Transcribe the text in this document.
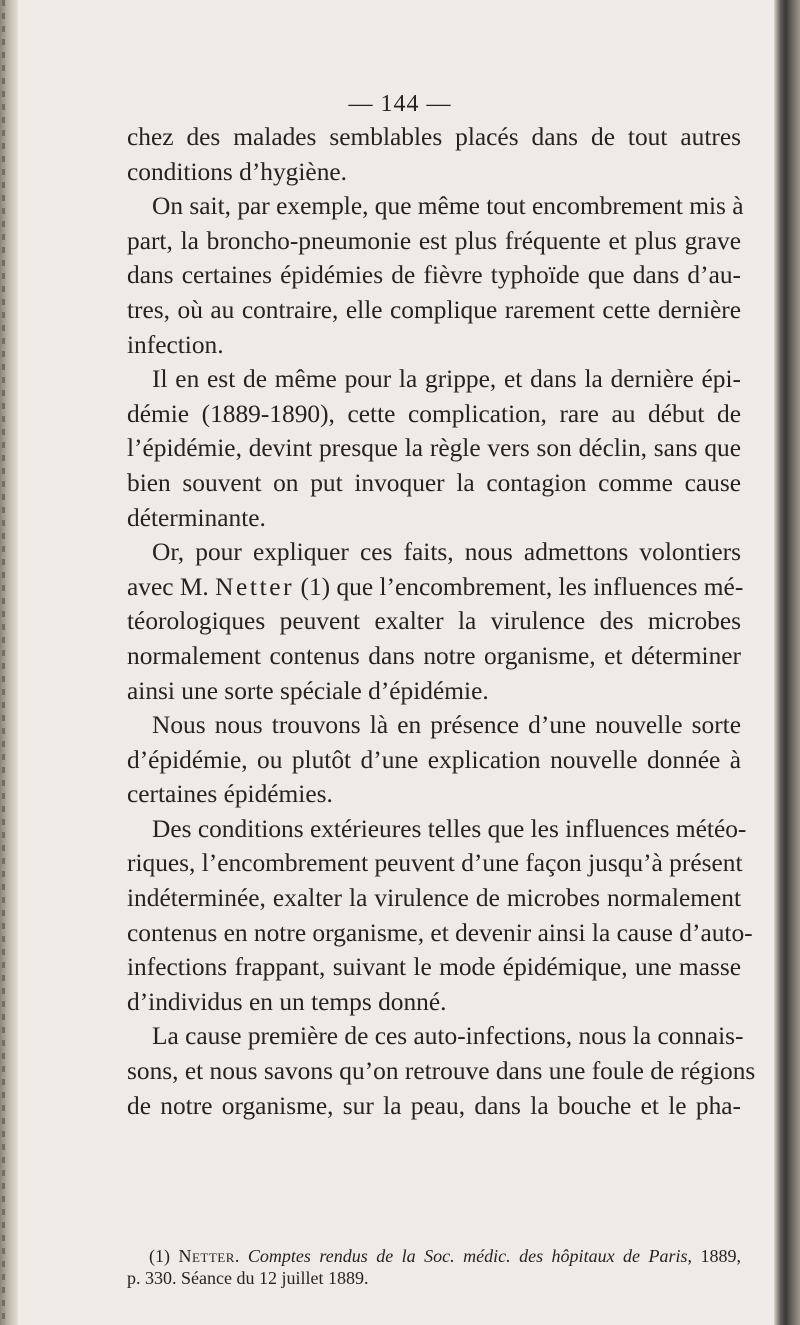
— 144 —
chez des malades semblables placés dans de tout autres
conditions d’hygiène.
On sait, par exemple, que même tout encombrement mis à
part, la broncho-pneumonie est plus fréquente et plus grave
dans certaines épidémies de fièvre typhoïde que dans d’au-
tres, où au contraire, elle complique rarement cette dernière
infection.
Il en est de même pour la grippe, et dans la dernière épi-
démie (1889-1890), cette complication, rare au début de
l’épidémie, devint presque la règle vers son déclin, sans que
bien souvent on put invoquer la contagion comme cause
déterminante.
Or, pour expliquer ces faits, nous admettons volontiers
avec M. Netter (1) que l’encombrement, les influences mé-
téorologiques peuvent exalter la virulence des microbes
normalement contenus dans notre organisme, et déterminer
ainsi une sorte spéciale d’épidémie.
Nous nous trouvons là en présence d’une nouvelle sorte
d’épidémie, ou plutôt d’une explication nouvelle donnée à
certaines épidémies.
Des conditions extérieures telles que les influences météo-
riques, l’encombrement peuvent d’une façon jusqu’à présent
indéterminée, exalter la virulence de microbes normalement
contenus en notre organisme, et devenir ainsi la cause d’auto-
infections frappant, suivant le mode épidémique, une masse
d’individus en un temps donné.
La cause première de ces auto-infections, nous la connais-
sons, et nous savons qu’on retrouve dans une foule de régions
de notre organisme, sur la peau, dans la bouche et le pha-
(1) Netter. Comptes rendus de la Soc. médic. des hôpitaux de Paris, 1889,
p. 330. Séance du 12 juillet 1889.
